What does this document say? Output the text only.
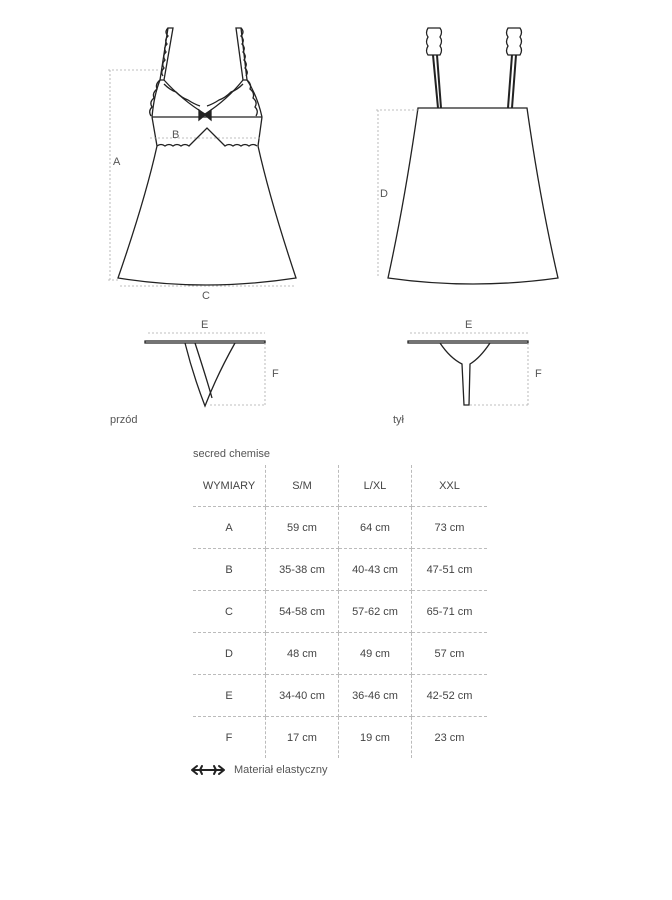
A
B
C
D
E
F
E
F
przód	tył
secred chemise
WYMIARY	S/M	L/XL	XXL
A	59 cm	64 cm	73 cm
B	35-38 cm	40-43 cm	47-51 cm
C	54-58 cm	57-62 cm	65-71 cm
D	48 cm	49 cm	57 cm
E	34-40 cm	36-46 cm	42-52 cm
F	17 cm	19 cm	23 cm
Materiał elastyczny
